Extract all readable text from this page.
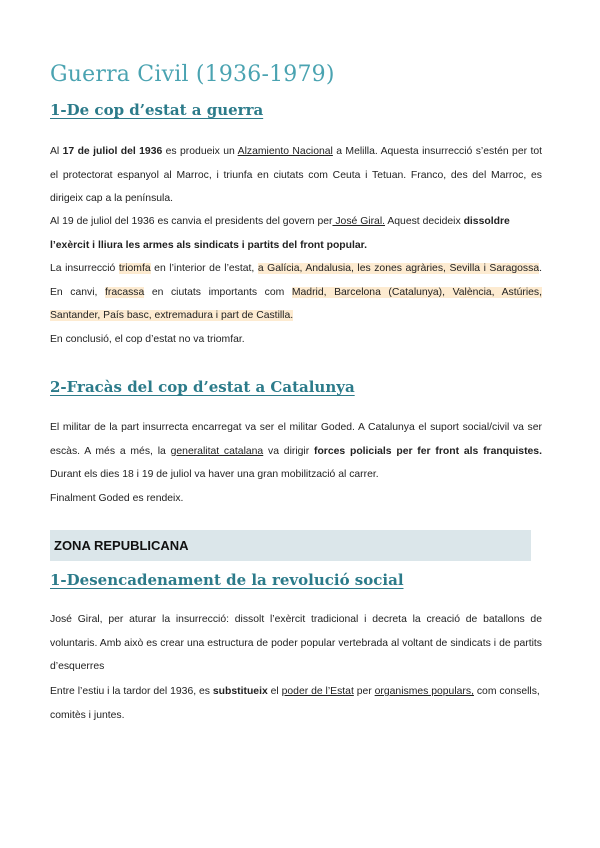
Guerra Civil (1936-1979)
1-De cop d’estat a guerra

Al 17 de juliol del 1936 es produeix un Alzamiento Nacional a Melilla. Aquesta insurrecció s’estén per tot el protectorat espanyol al Marroc, i triunfa en ciutats com Ceuta i Tetuan. Franco, des del Marroc, es dirigeix cap a la península.

Al 19 de juliol del 1936 es canvia el presidents del govern per José Giral. Aquest decideix dissoldre l’exèrcit i lliura les armes als sindicats i partits del front popular.

La insurrecció triomfa en l’interior de l’estat, a Galícia, Andalusia, les zones agràries, Sevilla i Saragossa. En canvi, fracassa en ciutats importants com Madrid, Barcelona (Catalunya), València, Astúries, Santander, País basc, extremadura i part de Castilla.

En conclusió, el cop d’estat no va triomfar.

2-Fracàs del cop d’estat a Catalunya

El militar de la part insurrecta encarregat va ser el militar Goded. A Catalunya el suport social/civil va ser escàs. A més a més, la generalitat catalana va dirigir forces policials per fer front als franquistes. Durant els dies 18 i 19 de juliol va haver una gran mobilització al carrer.

Finalment Goded es rendeix.

ZONA REPUBLICANA
1-Desencadenament de la revolució social

José Giral, per aturar la insurrecció: dissolt l’exèrcit tradicional i decreta la creació de batallons de voluntaris. Amb això es crear una estructura de poder popular vertebrada al voltant de sindicats i de partits d’esquerres

Entre l’estiu i la tardor del 1936, es substitueix el poder de l’Estat per organismes populars, com consells, comitès i juntes.
